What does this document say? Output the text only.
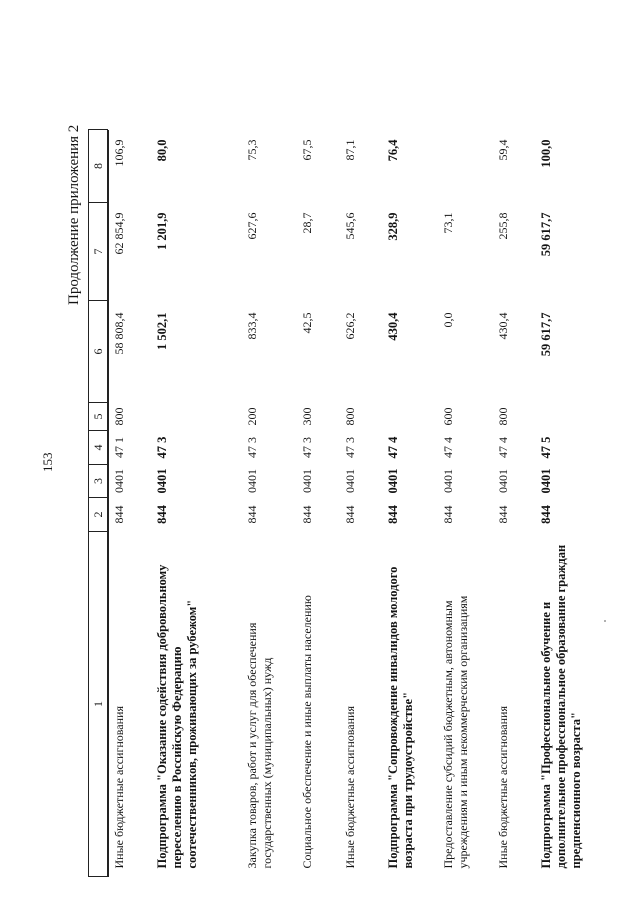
153
Продолжение приложения 2
1	2	3	4	5	6	7	8
Иные бюджетные ассигнования	844	0401	47 1	800	58 808,4	62 854,9	106,9
Подпрограмма "Оказание содействия добровольному переселению в Российскую Федерацию соотечественников, проживающих за рубежом"	844	0401	47 3		1 502,1	1 201,9	80,0
Закупка товаров, работ и услуг для обеспечения государственных (муниципальных) нужд	844	0401	47 3	200	833,4	627,6	75,3
Социальное обеспечение и иные выплаты населению	844	0401	47 3	300	42,5	28,7	67,5
Иные бюджетные ассигнования	844	0401	47 3	800	626,2	545,6	87,1
Подпрограмма "Сопровождение инвалидов молодого возраста при трудоустройстве"	844	0401	47 4		430,4	328,9	76,4
Предоставление субсидий бюджетным, автономным учреждениям и иным некоммерческим организациям	844	0401	47 4	600	0,0	73,1	
Иные бюджетные ассигнования	844	0401	47 4	800	430,4	255,8	59,4
Подпрограмма "Профессиональное обучение и дополнительное профессиональное образование граждан предпенсионного возраста"	844	0401	47 5		59 617,7	59 617,7	100,0
